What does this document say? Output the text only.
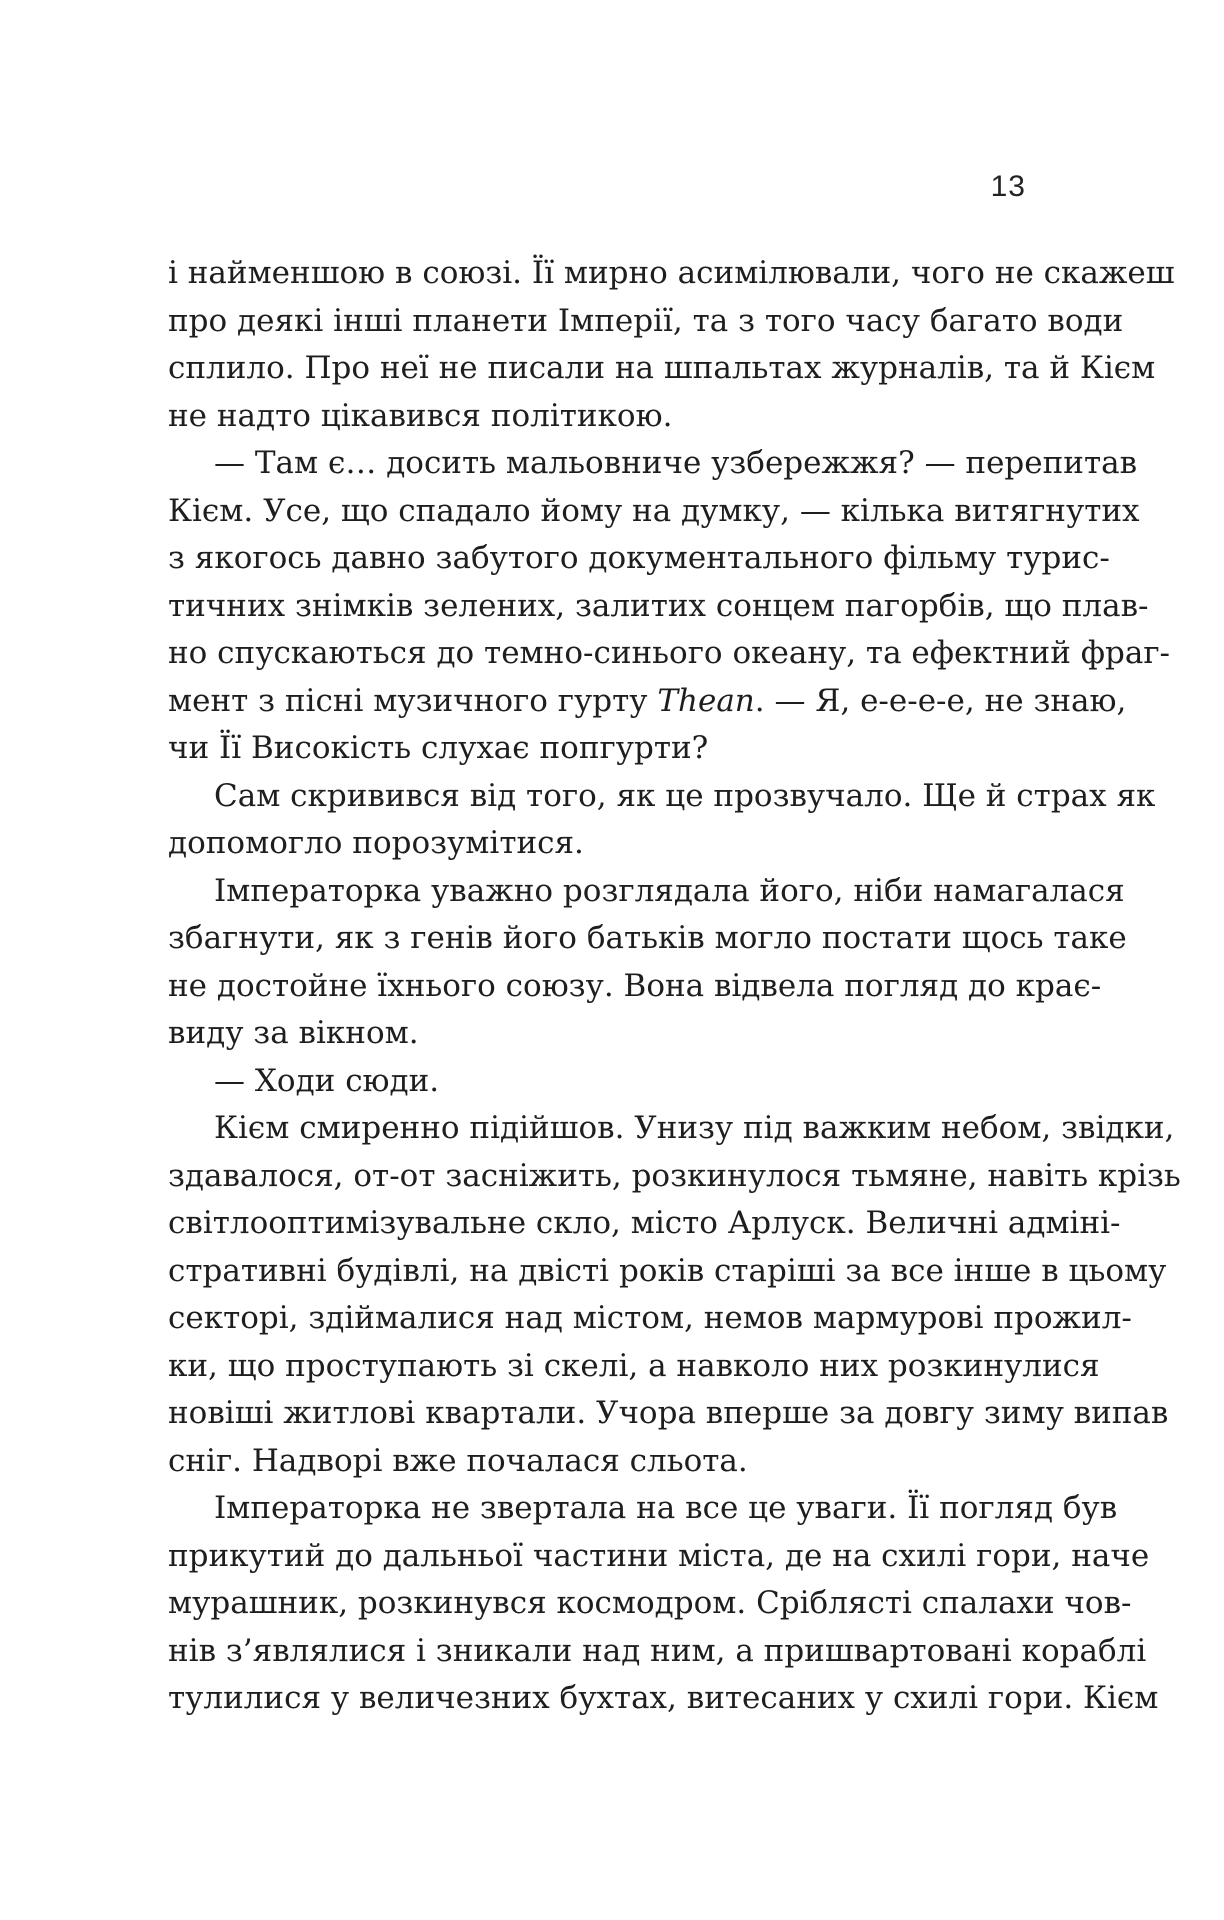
13
і найменшою в союзі. Її мирно асимілювали, чого не скажеш
про деякі інші планети Імперії, та з того часу багато води
сплило. Про неї не писали на шпальтах журналів, та й Кієм
не надто цікавився політикою.
— Там є… досить мальовниче узбережжя? — перепитав
Кієм. Усе, що спадало йому на думку, — кілька витягнутих
з якогось давно забутого документального фільму турис-
тичних знімків зелених, залитих сонцем пагорбів, що плав-
но спускаються до темно-синього океану, та ефектний фраг-
мент з пісні музичного гурту Thean. — Я, е-е-е-е, не знаю,
чи Її Високість слухає попгурти?
Сам скривився від того, як це прозвучало. Ще й страх як
допомогло порозумітися.
Імператорка уважно розглядала його, ніби намагалася
збагнути, як з генів його батьків могло постати щось таке
не достойне їхнього союзу. Вона відвела погляд до крає-
виду за вікном.
— Ходи сюди.
Кієм смиренно підійшов. Унизу під важким небом, звідки,
здавалося, от-от засніжить, розкинулося тьмяне, навіть крізь
світлооптимізувальне скло, місто Арлуск. Величні адміні-
стративні будівлі, на двісті років старіші за все інше в цьому
секторі, здіймалися над містом, немов мармурові прожил-
ки, що проступають зі скелі, а навколо них розкинулися
новіші житлові квартали. Учора вперше за довгу зиму випав
сніг. Надворі вже почалася сльота.
Імператорка не звертала на все це уваги. Її погляд був
прикутий до дальньої частини міста, де на схилі гори, наче
мурашник, розкинувся космодром. Сріблясті спалахи чов-
нів з’являлися і зникали над ним, а пришвартовані кораблі
тулилися у величезних бухтах, витесаних у схилі гори. Кієм
